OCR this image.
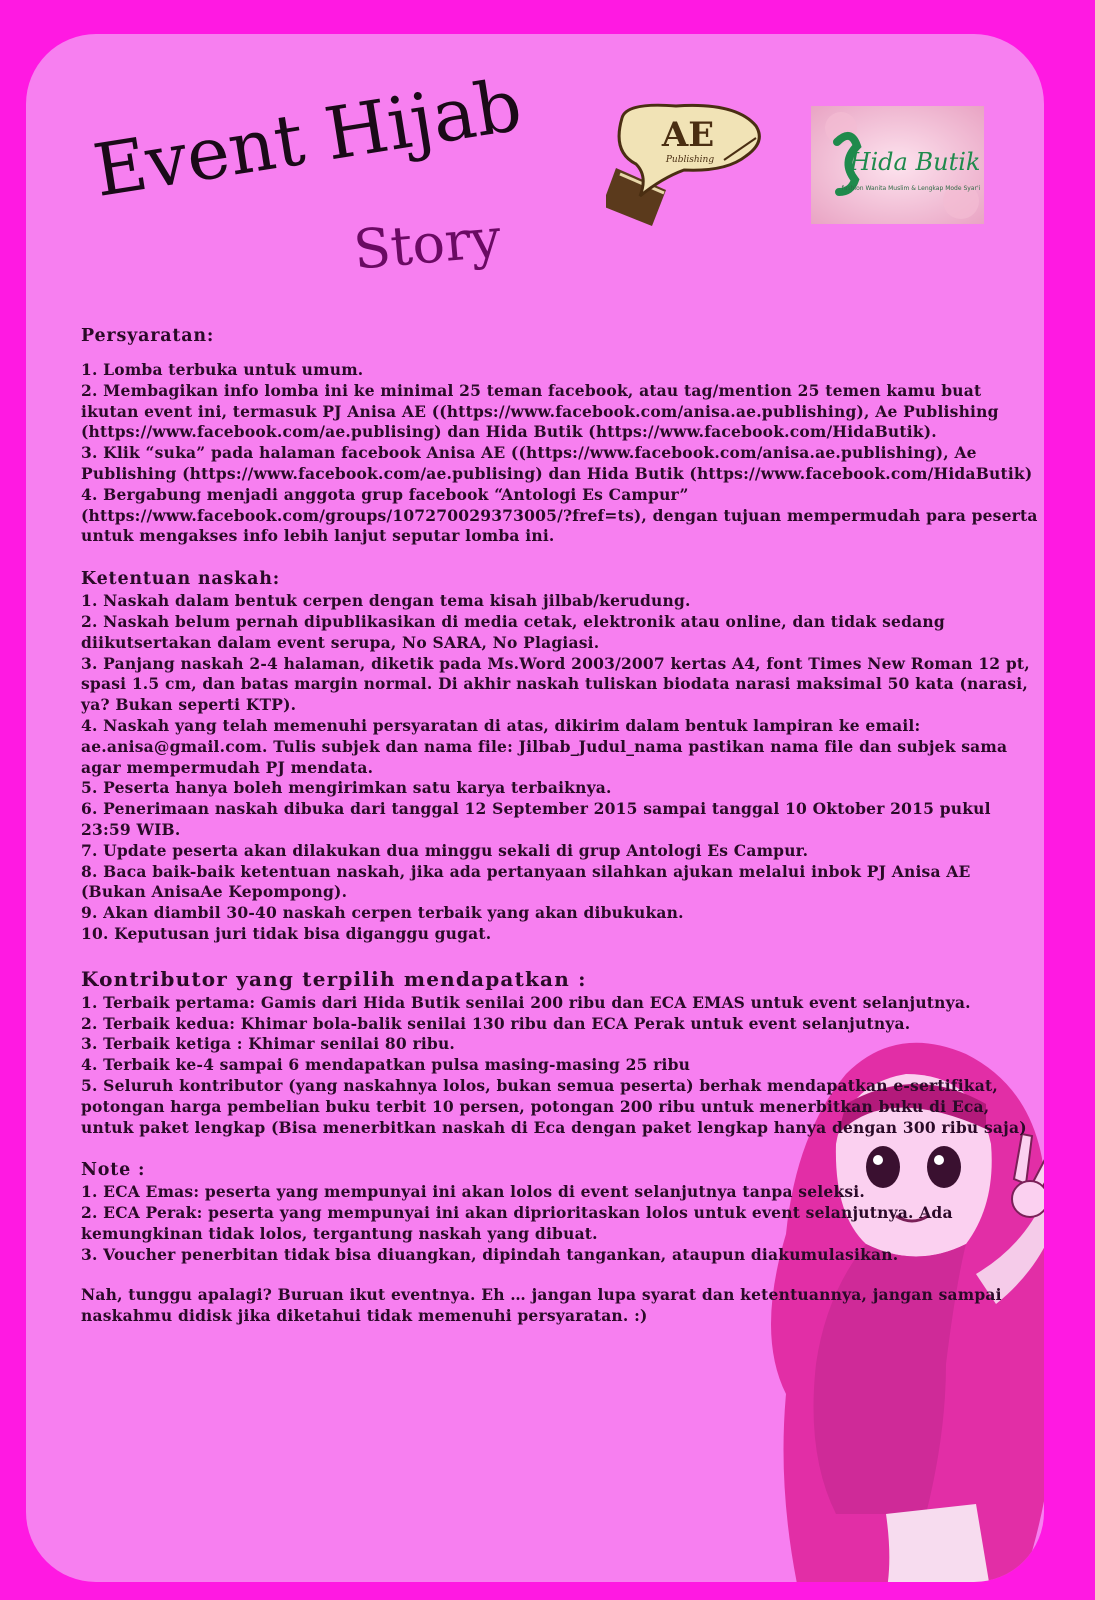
Event Hijab
Story
AE
Publishing	Hida Butik
fashion Wanita Muslim & Lengkap Mode Syar'i
Persyaratan:

1. Lomba terbuka untuk umum.

2. Membagikan info lomba ini ke minimal 25 teman facebook, atau tag/mention 25 temen kamu buat ikutan event ini, termasuk PJ Anisa AE ((https://www.facebook.com/anisa.ae.publishing), Ae Publishing (https://www.facebook.com/ae.publising) dan Hida Butik (https://www.facebook.com/HidaButik).

3. Klik “suka” pada halaman facebook Anisa AE ((https://www.facebook.com/anisa.ae.publishing), Ae Publishing (https://www.facebook.com/ae.publising) dan Hida Butik (https://www.facebook.com/HidaButik)

4. Bergabung menjadi anggota grup facebook “Antologi Es Campur” (https://www.facebook.com/groups/107270029373005/?fref=ts), dengan tujuan mempermudah para peserta untuk mengakses info lebih lanjut seputar lomba ini.

Ketentuan naskah:

1. Naskah dalam bentuk cerpen dengan tema kisah jilbab/kerudung.

2. Naskah belum pernah dipublikasikan di media cetak, elektronik atau online, dan tidak sedang diikutsertakan dalam event serupa, No SARA, No Plagiasi.

3. Panjang naskah 2-4 halaman, diketik pada Ms.Word 2003/2007 kertas A4, font Times New Roman 12 pt, spasi 1.5 cm, dan batas margin normal. Di akhir naskah tuliskan biodata narasi maksimal 50 kata (narasi, ya? Bukan seperti KTP).

4. Naskah yang telah memenuhi persyaratan di atas, dikirim dalam bentuk lampiran ke email: ae.anisa@gmail.com. Tulis subjek dan nama file: Jilbab_Judul_nama pastikan nama file dan subjek sama agar mempermudah PJ mendata.

5. Peserta hanya boleh mengirimkan satu karya terbaiknya.

6. Penerimaan naskah dibuka dari tanggal 12 September 2015 sampai tanggal 10 Oktober 2015 pukul 23:59 WIB.

7. Update peserta akan dilakukan dua minggu sekali di grup Antologi Es Campur.

8. Baca baik-baik ketentuan naskah, jika ada pertanyaan silahkan ajukan melalui inbok PJ Anisa AE (Bukan AnisaAe Kepompong).

9. Akan diambil 30-40 naskah cerpen terbaik yang akan dibukukan.

10. Keputusan juri tidak bisa diganggu gugat.

Kontributor yang terpilih mendapatkan :

1. Terbaik pertama: Gamis dari Hida Butik senilai 200 ribu dan ECA EMAS untuk event selanjutnya.

2. Terbaik kedua: Khimar bola-balik senilai 130 ribu dan ECA Perak untuk event selanjutnya.

3. Terbaik ketiga : Khimar senilai 80 ribu.

4. Terbaik ke-4 sampai 6 mendapatkan pulsa masing-masing 25 ribu

5. Seluruh kontributor (yang naskahnya lolos, bukan semua peserta) berhak mendapatkan e-sertifikat, potongan harga pembelian buku terbit 10 persen, potongan 200 ribu untuk menerbitkan buku di Eca, untuk paket lengkap (Bisa menerbitkan naskah di Eca dengan paket lengkap hanya dengan 300 ribu saja)

Note :

1. ECA Emas: peserta yang mempunyai ini akan lolos di event selanjutnya tanpa seleksi.

2. ECA Perak: peserta yang mempunyai ini akan diprioritaskan lolos untuk event selanjutnya. Ada kemungkinan tidak lolos, tergantung naskah yang dibuat.

3. Voucher penerbitan tidak bisa diuangkan, dipindah tangankan, ataupun diakumulasikan.

Nah, tunggu apalagi? Buruan ikut eventnya. Eh … jangan lupa syarat dan ketentuannya, jangan sampai naskahmu didisk jika diketahui tidak memenuhi persyaratan. :)
